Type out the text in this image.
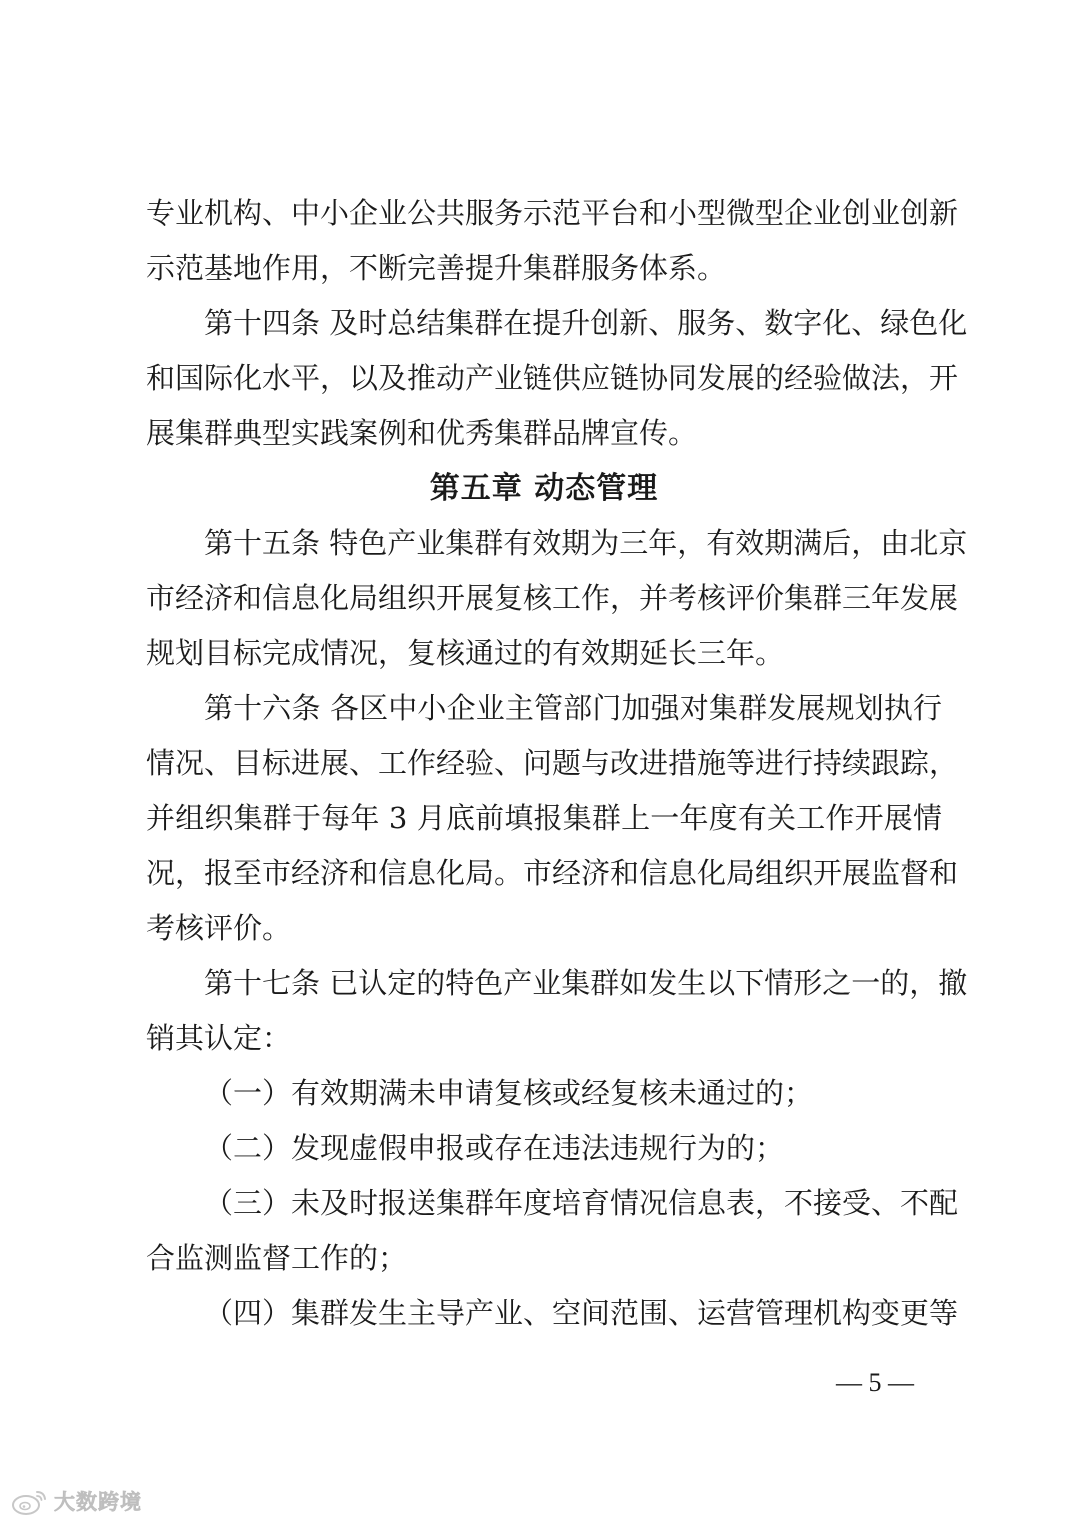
专业机构、中小企业公共服务示范平台和小型微型企业创业创新
示范基地作用，不断完善提升集群服务体系。
第十四条 及时总结集群在提升创新、服务、数字化、绿色化
和国际化水平，以及推动产业链供应链协同发展的经验做法，开
展集群典型实践案例和优秀集群品牌宣传。
第五章 动态管理
第十五条 特色产业集群有效期为三年，有效期满后，由北京
市经济和信息化局组织开展复核工作，并考核评价集群三年发展
规划目标完成情况，复核通过的有效期延长三年。
第十六条 各区中小企业主管部门加强对集群发展规划执行
情况、目标进展、工作经验、问题与改进措施等进行持续跟踪，
并组织集群于每年 3 月底前填报集群上一年度有关工作开展情
况，报至市经济和信息化局。市经济和信息化局组织开展监督和
考核评价。
第十七条 已认定的特色产业集群如发生以下情形之一的，撤
销其认定：
（一）有效期满未申请复核或经复核未通过的；
（二）发现虚假申报或存在违法违规行为的；
（三）未及时报送集群年度培育情况信息表，不接受、不配
合监测监督工作的；
（四）集群发生主导产业、空间范围、运营管理机构变更等
— 5 —
大数跨境
